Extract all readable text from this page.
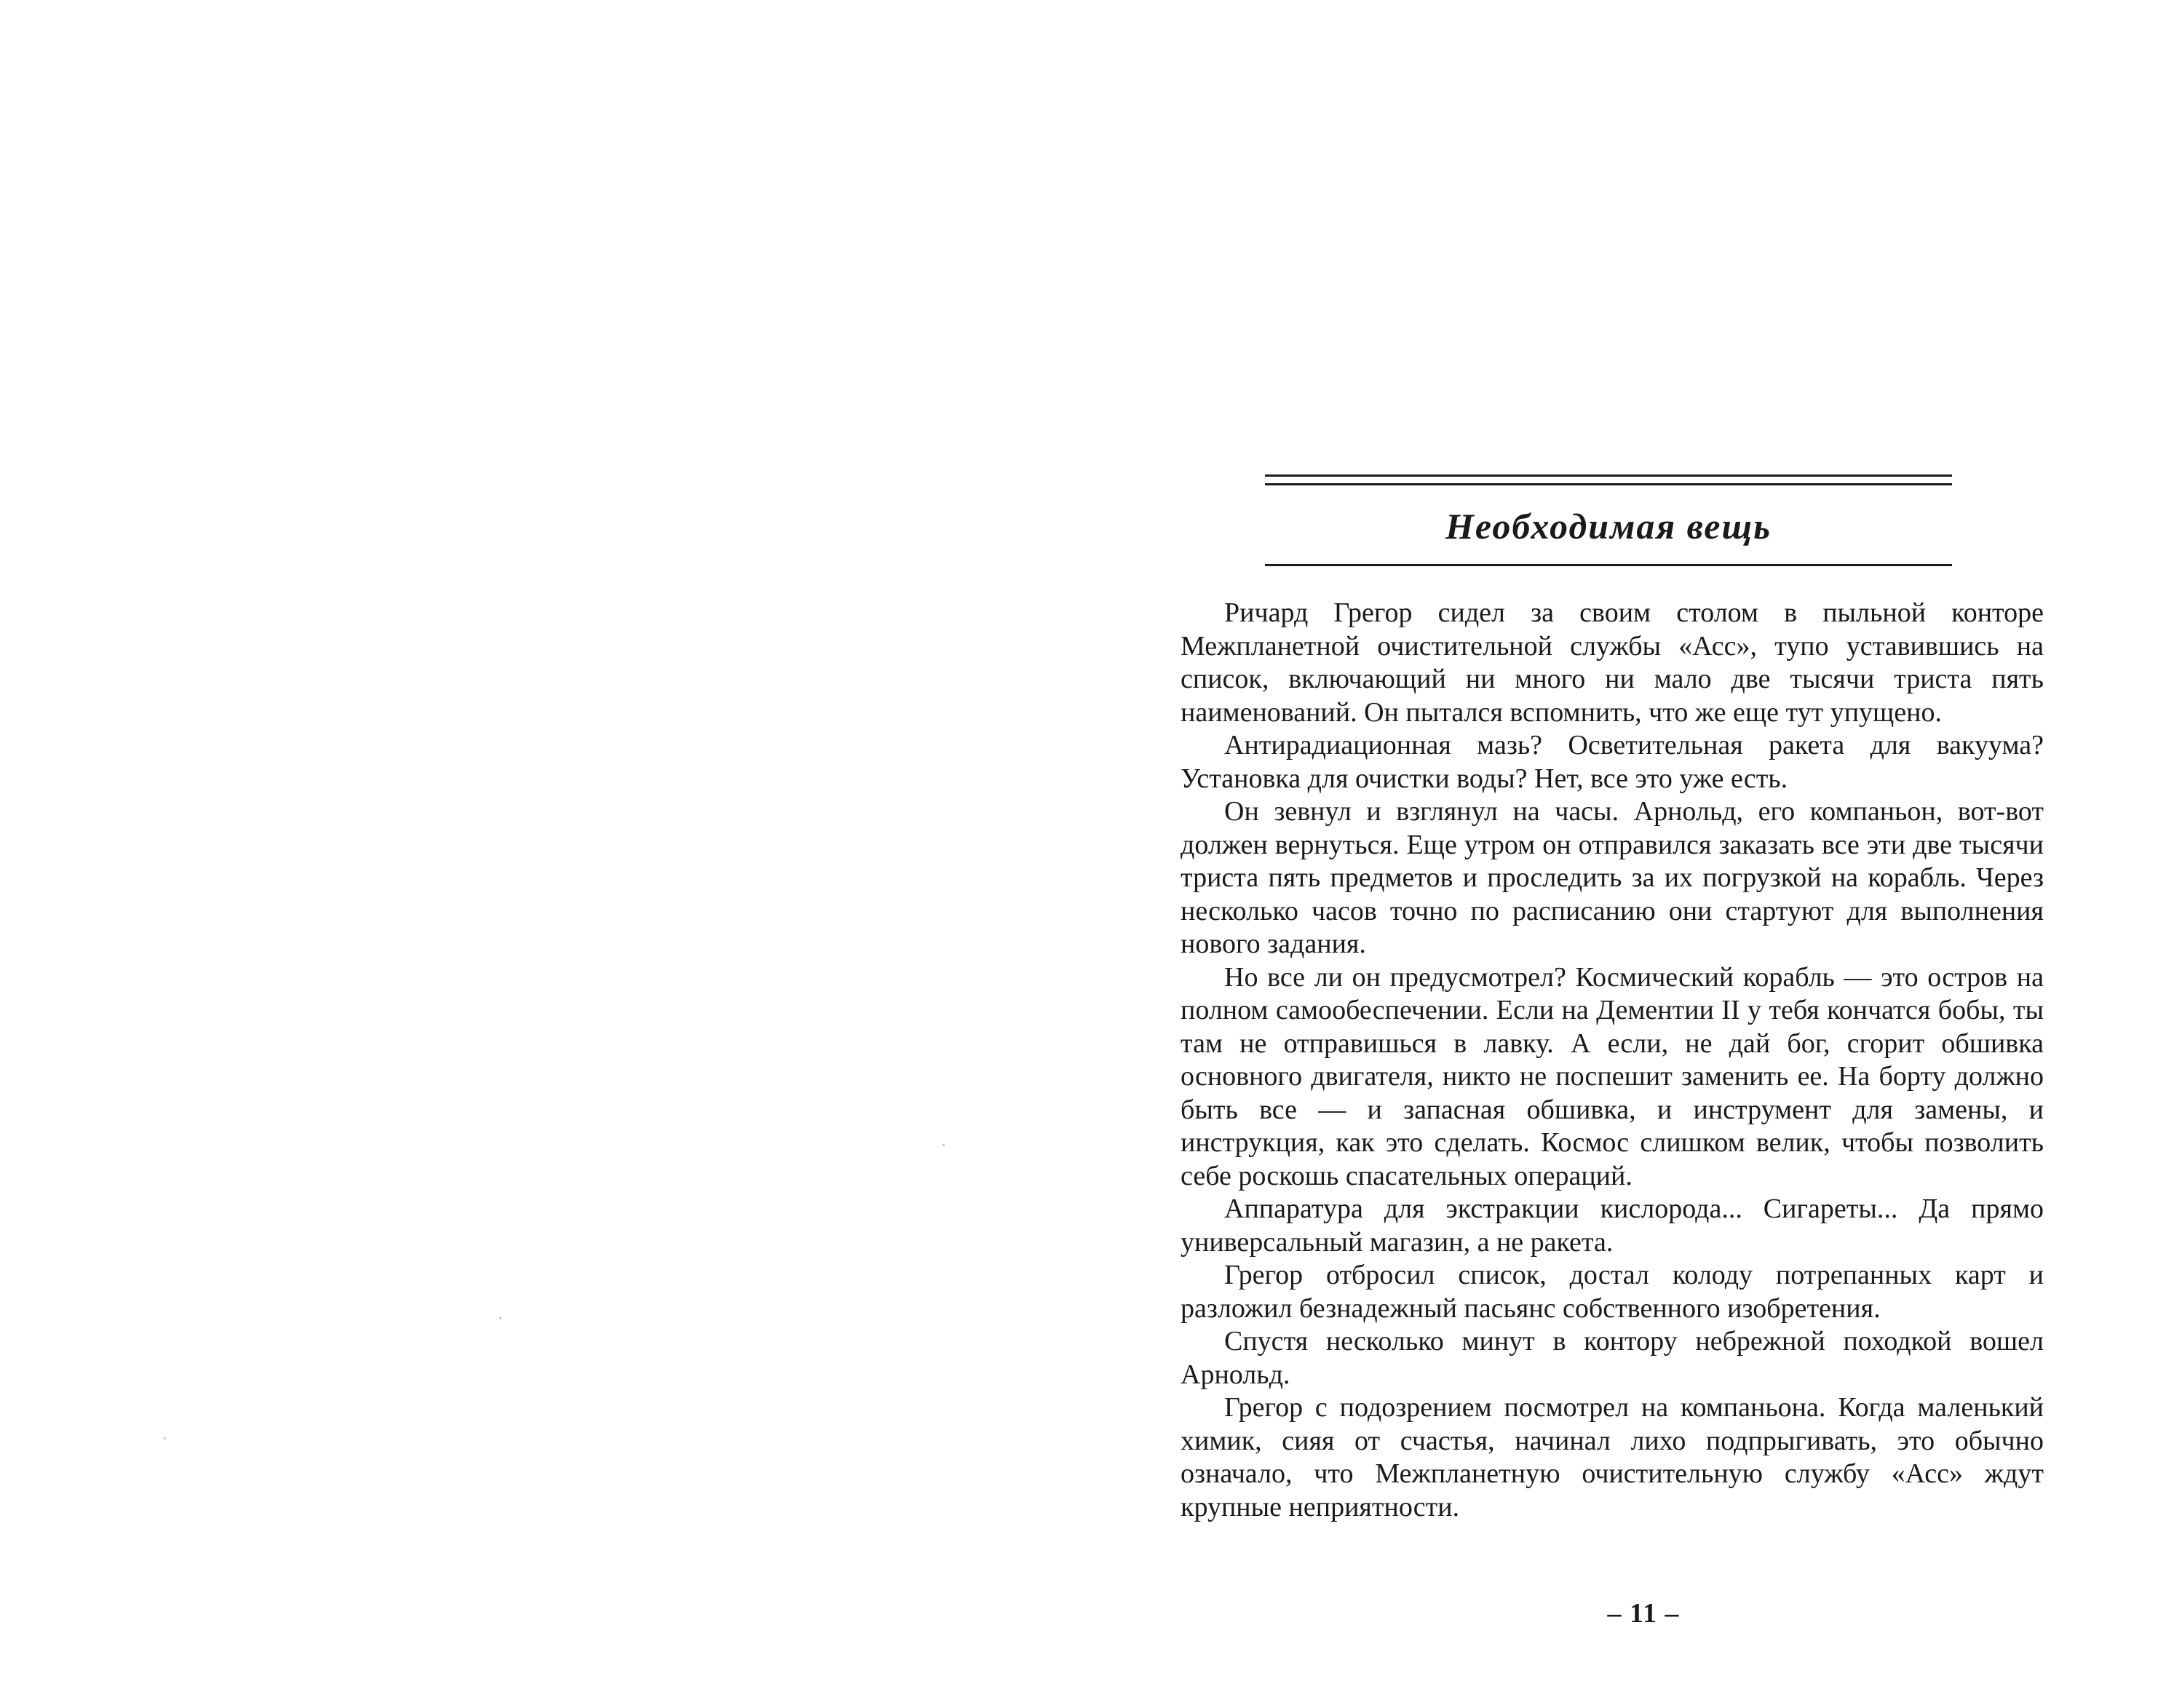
Необходимая вещь

Ричард Грегор сидел за своим столом в пыльной конторе Межпланетной очистительной службы «Асс», тупо уставившись на список, включающий ни много ни мало две тысячи триста пять наименований. Он пытался вспомнить, что же еще тут упущено.

Антирадиационная мазь? Осветительная ракета для вакуума? Установка для очистки воды? Нет, все это уже есть.

Он зевнул и взглянул на часы. Арнольд, его компаньон, вот-вот должен вернуться. Еще утром он отправился заказать все эти две тысячи триста пять предметов и проследить за их погрузкой на корабль. Через несколько часов точно по расписанию они стартуют для выполнения нового задания.

Но все ли он предусмотрел? Космический корабль — это остров на полном самообеспечении. Если на Дементии II у тебя кончатся бобы, ты там не отправишься в лавку. А если, не дай бог, сгорит обшивка основного двигателя, никто не поспешит заменить ее. На борту должно быть все — и запасная обшивка, и инструмент для замены, и инструкция, как это сделать. Космос слишком велик, чтобы позволить себе роскошь спасательных операций.

Аппаратура для экстракции кислорода... Сигареты... Да прямо универсальный магазин, а не ракета.

Грегор отбросил список, достал колоду потрепанных карт и разложил безнадежный пасьянс собственного изобретения.

Спустя несколько минут в контору небрежной походкой вошел Арнольд.

Грегор с подозрением посмотрел на компаньона. Когда маленький химик, сияя от счастья, начинал лихо подпрыгивать, это обычно означало, что Межпланетную очистительную службу «Асс» ждут крупные неприятности.

– 11 –
